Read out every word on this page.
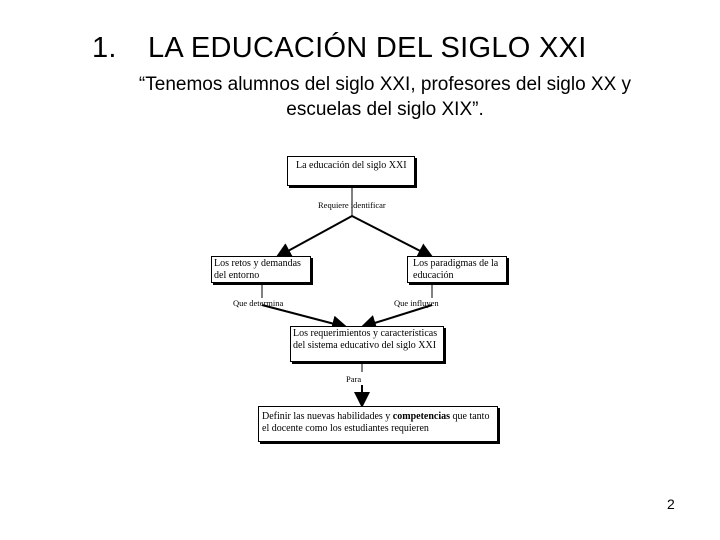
1. LA EDUCACIÓN DEL SIGLO XXI
“Tenemos alumnos del siglo XXI, profesores del siglo XX y escuelas del siglo XIX”.
La educación del siglo XXI
Requiere identificar
Los retos y demandas del entorno
Los paradigmas de la educación
Que determina	Que influyen
Los requerimientos y características del sistema educativo del siglo XXI
Para
Definir las nuevas habilidades y competencias que tanto el docente como los estudiantes requieren
2
